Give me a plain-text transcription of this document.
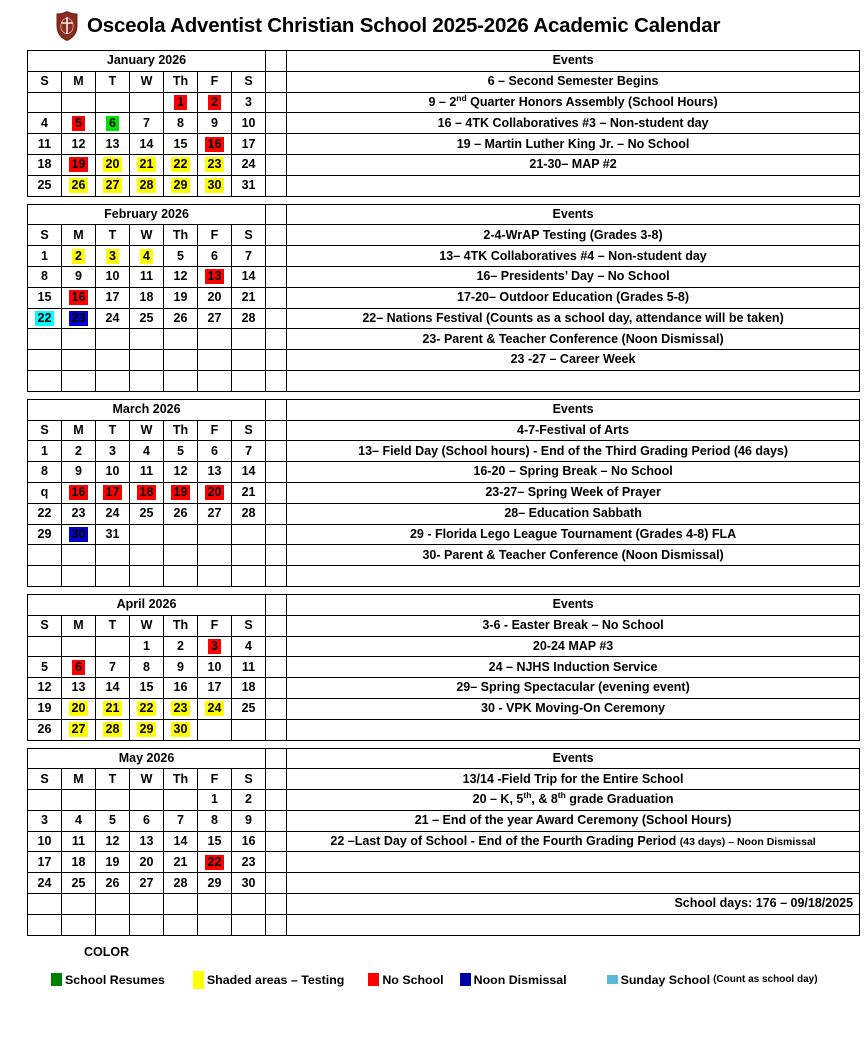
Osceola Adventist Christian School 2025-2026 Academic Calendar
January 2026								Events
S	M	T	W	Th	F	S		6 – Second Semester Begins
				1	2	3		9 – 2nd Quarter Honors Assembly (School Hours)
4	5	6	7	8	9	10		16 – 4TK Collaboratives #3 – Non-student day
11	12	13	14	15	16	17		19 – Martin Luther King Jr. – No School
18	19	20	21	22	23	24		21-30– MAP #2
25	26	27	28	29	30	31		
February 2026								Events
S	M	T	W	Th	F	S		2-4-WrAP Testing (Grades 3-8)
1	2	3	4	5	6	7		13– 4TK Collaboratives #4 – Non-student day
8	9	10	11	12	13	14		16– Presidents’ Day – No School
15	16	17	18	19	20	21		17-20– Outdoor Education (Grades 5-8)
22	23	24	25	26	27	28		22– Nations Festival (Counts as a school day, attendance will be taken)
								23- Parent & Teacher Conference (Noon Dismissal)
								23 -27 – Career Week

March 2026								Events
S	M	T	W	Th	F	S		4-7-Festival of Arts
1	2	3	4	5	6	7		13– Field Day (School hours) - End of the Third Grading Period (46 days)
8	9	10	11	12	13	14		16-20 – Spring Break – No School
q	16	17	18	19	20	21		23-27– Spring Week of Prayer
22	23	24	25	26	27	28		28– Education Sabbath
29	30	31						29 - Florida Lego League Tournament (Grades 4-8) FLA
								30- Parent & Teacher Conference (Noon Dismissal)

April 2026								Events
S	M	T	W	Th	F	S		3-6 - Easter Break – No School
			1	2	3	4		20-24 MAP #3
5	6	7	8	9	10	11		24 – NJHS Induction Service
12	13	14	15	16	17	18		29– Spring Spectacular (evening event)
19	20	21	22	23	24	25		30 - VPK Moving-On Ceremony
26	27	28	29	30				
May 2026								Events
S	M	T	W	Th	F	S		13/14 -Field Trip for the Entire School
					1	2		20 – K, 5th, & 8th grade Graduation
3	4	5	6	7	8	9		21 – End of the year Award Ceremony (School Hours)
10	11	12	13	14	15	16		22 –Last Day of School - End of the Fourth Grading Period (43 days) – Noon Dismissal
17	18	19	20	21	22	23		
24	25	26	27	28	29	30		
								School days: 176 – 09/18/2025

COLOR
School Resumes	Shaded areas – Testing	No School Noon Dismissal	Sunday School (Count as school day)
